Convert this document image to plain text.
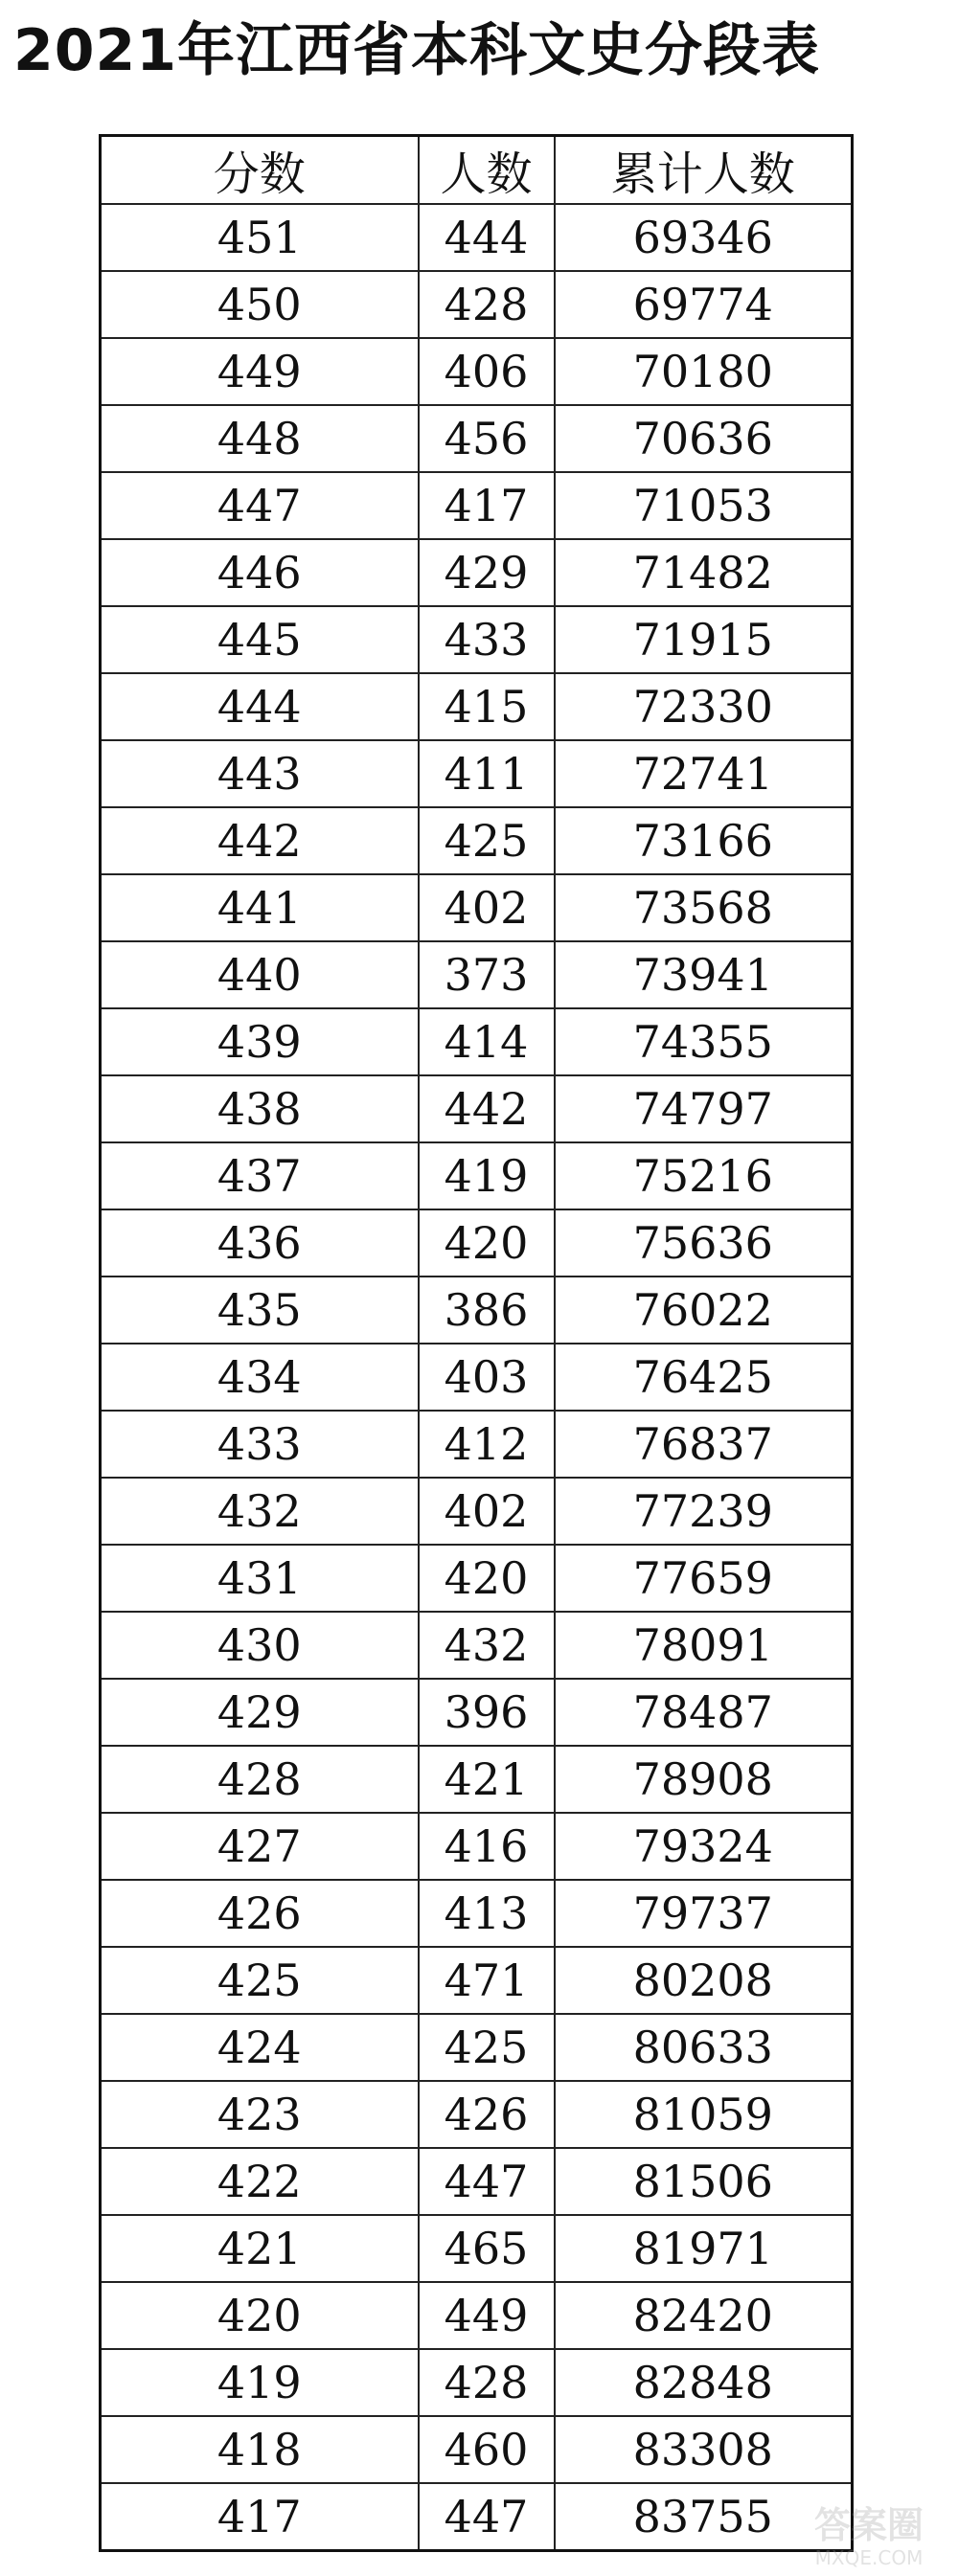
2021年江西省本科文史分段表
分数	人数	累计人数
451	444	69346
450	428	69774
449	406	70180
448	456	70636
447	417	71053
446	429	71482
445	433	71915
444	415	72330
443	411	72741
442	425	73166
441	402	73568
440	373	73941
439	414	74355
438	442	74797
437	419	75216
436	420	75636
435	386	76022
434	403	76425
433	412	76837
432	402	77239
431	420	77659
430	432	78091
429	396	78487
428	421	78908
427	416	79324
426	413	79737
425	471	80208
424	425	80633
423	426	81059
422	447	81506
421	465	81971
420	449	82420
419	428	82848
418	460	83308
417	447	83755 答案圈
MXQE.COM
